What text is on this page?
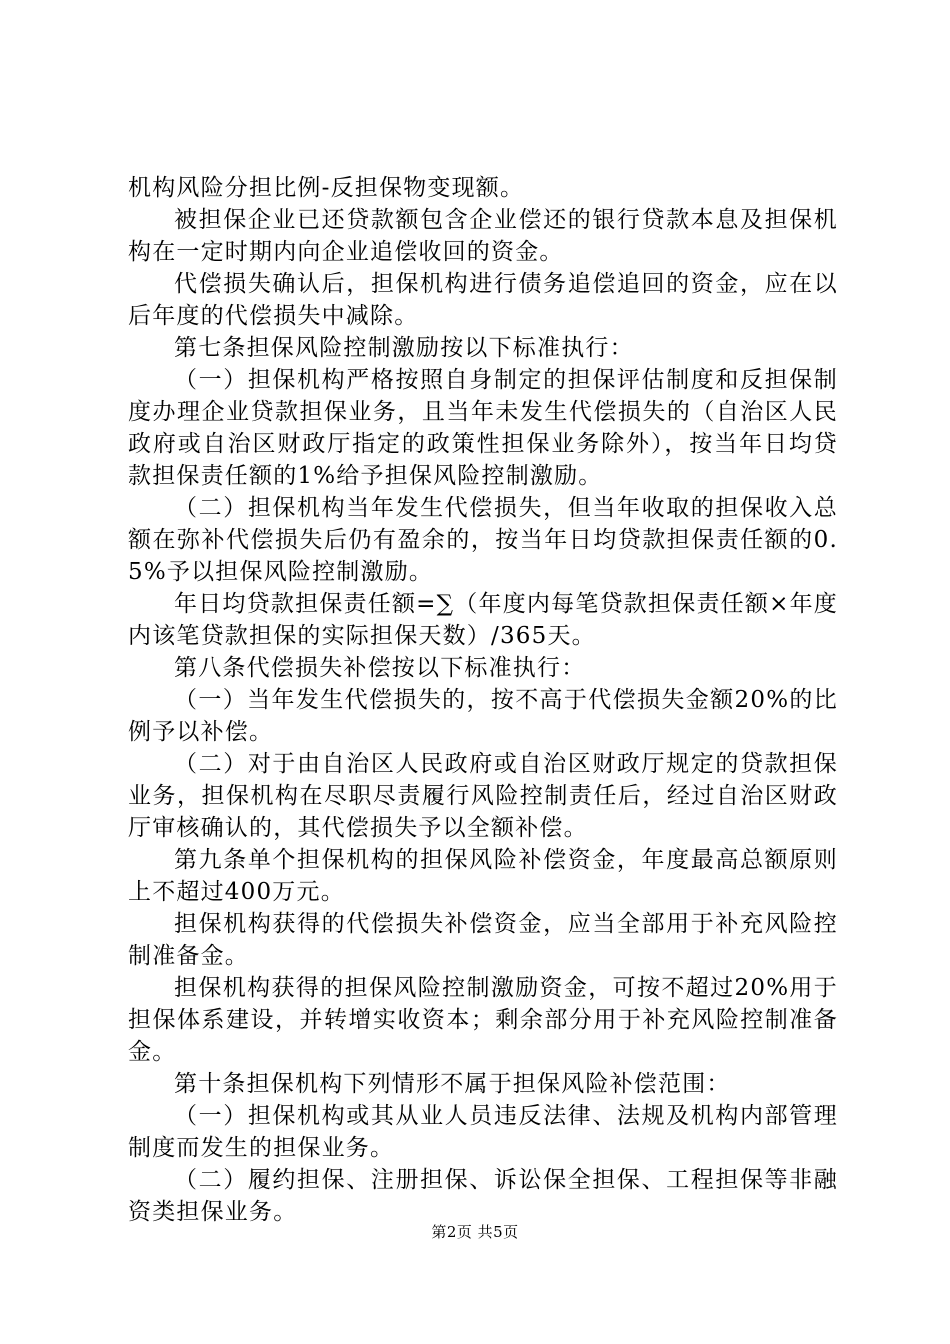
机构风险分担比例-反担保物变现额。

被担保企业已还贷款额包含企业偿还的银行贷款本息及担保机构在一定时期内向企业追偿收回的资金。

代偿损失确认后，担保机构进行债务追偿追回的资金，应在以后年度的代偿损失中减除。

第七条担保风险控制激励按以下标准执行：

（一）担保机构严格按照自身制定的担保评估制度和反担保制度办理企业贷款担保业务，且当年未发生代偿损失的（自治区人民政府或自治区财政厅指定的政策性担保业务除外），按当年日均贷款担保责任额的1%给予担保风险控制激励。

（二）担保机构当年发生代偿损失，但当年收取的担保收入总额在弥补代偿损失后仍有盈余的，按当年日均贷款担保责任额的0.5%予以担保风险控制激励。

年日均贷款担保责任额=∑（年度内每笔贷款担保责任额×年度内该笔贷款担保的实际担保天数）/365天。

第八条代偿损失补偿按以下标准执行：

（一）当年发生代偿损失的，按不高于代偿损失金额20%的比例予以补偿。

（二）对于由自治区人民政府或自治区财政厅规定的贷款担保业务，担保机构在尽职尽责履行风险控制责任后，经过自治区财政厅审核确认的，其代偿损失予以全额补偿。

第九条单个担保机构的担保风险补偿资金，年度最高总额原则上不超过400万元。

担保机构获得的代偿损失补偿资金，应当全部用于补充风险控制准备金。

担保机构获得的担保风险控制激励资金，可按不超过20%用于担保体系建设，并转增实收资本；剩余部分用于补充风险控制准备金。

第十条担保机构下列情形不属于担保风险补偿范围：

（一）担保机构或其从业人员违反法律、法规及机构内部管理制度而发生的担保业务。

（二）履约担保、注册担保、诉讼保全担保、工程担保等非融资类担保业务。

第2页 共5页
